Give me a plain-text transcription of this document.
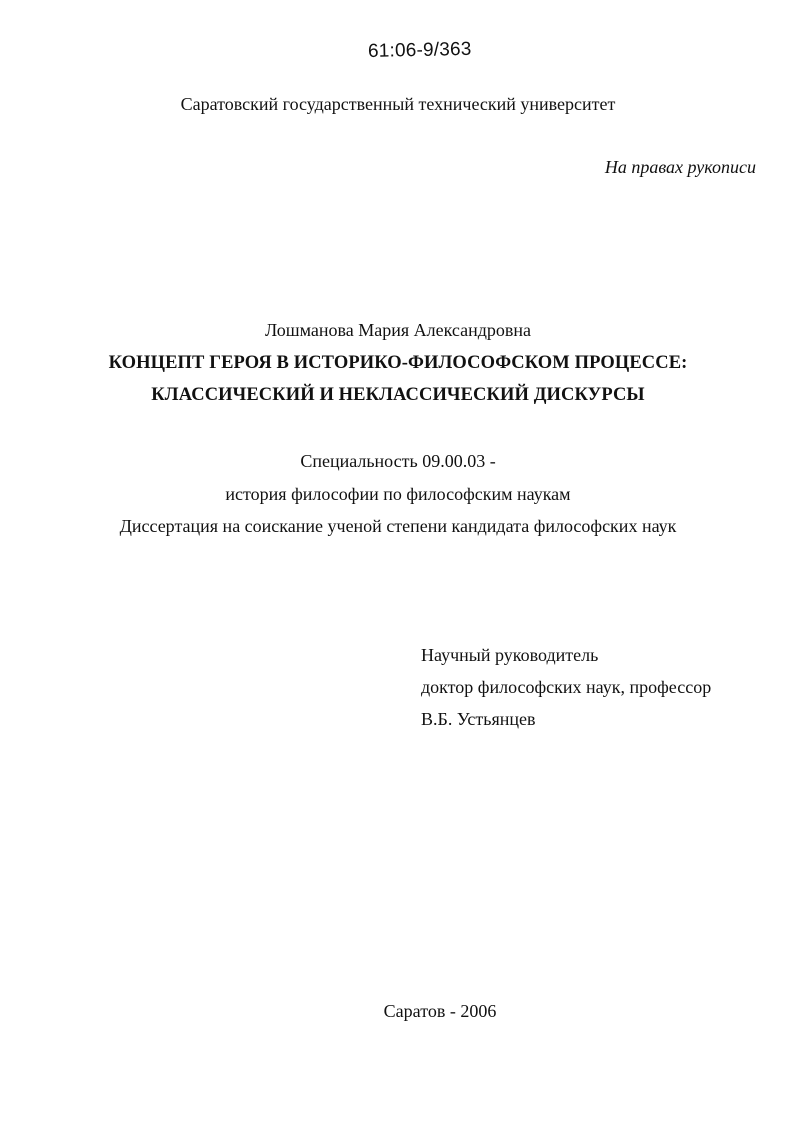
61:06-9/363
Саратовский государственный технический университет
На правах рукописи
Лошманова Мария Александровна
КОНЦЕПТ ГЕРОЯ В ИСТОРИКО-ФИЛОСОФСКОМ ПРОЦЕССЕ:
КЛАССИЧЕСКИЙ И НЕКЛАССИЧЕСКИЙ ДИСКУРСЫ
Специальность 09.00.03 -
история философии по философским наукам
Диссертация на соискание ученой степени кандидата философских наук
Научный руководитель
доктор философских наук, профессор
В.Б. Устьянцев
Саратов - 2006
